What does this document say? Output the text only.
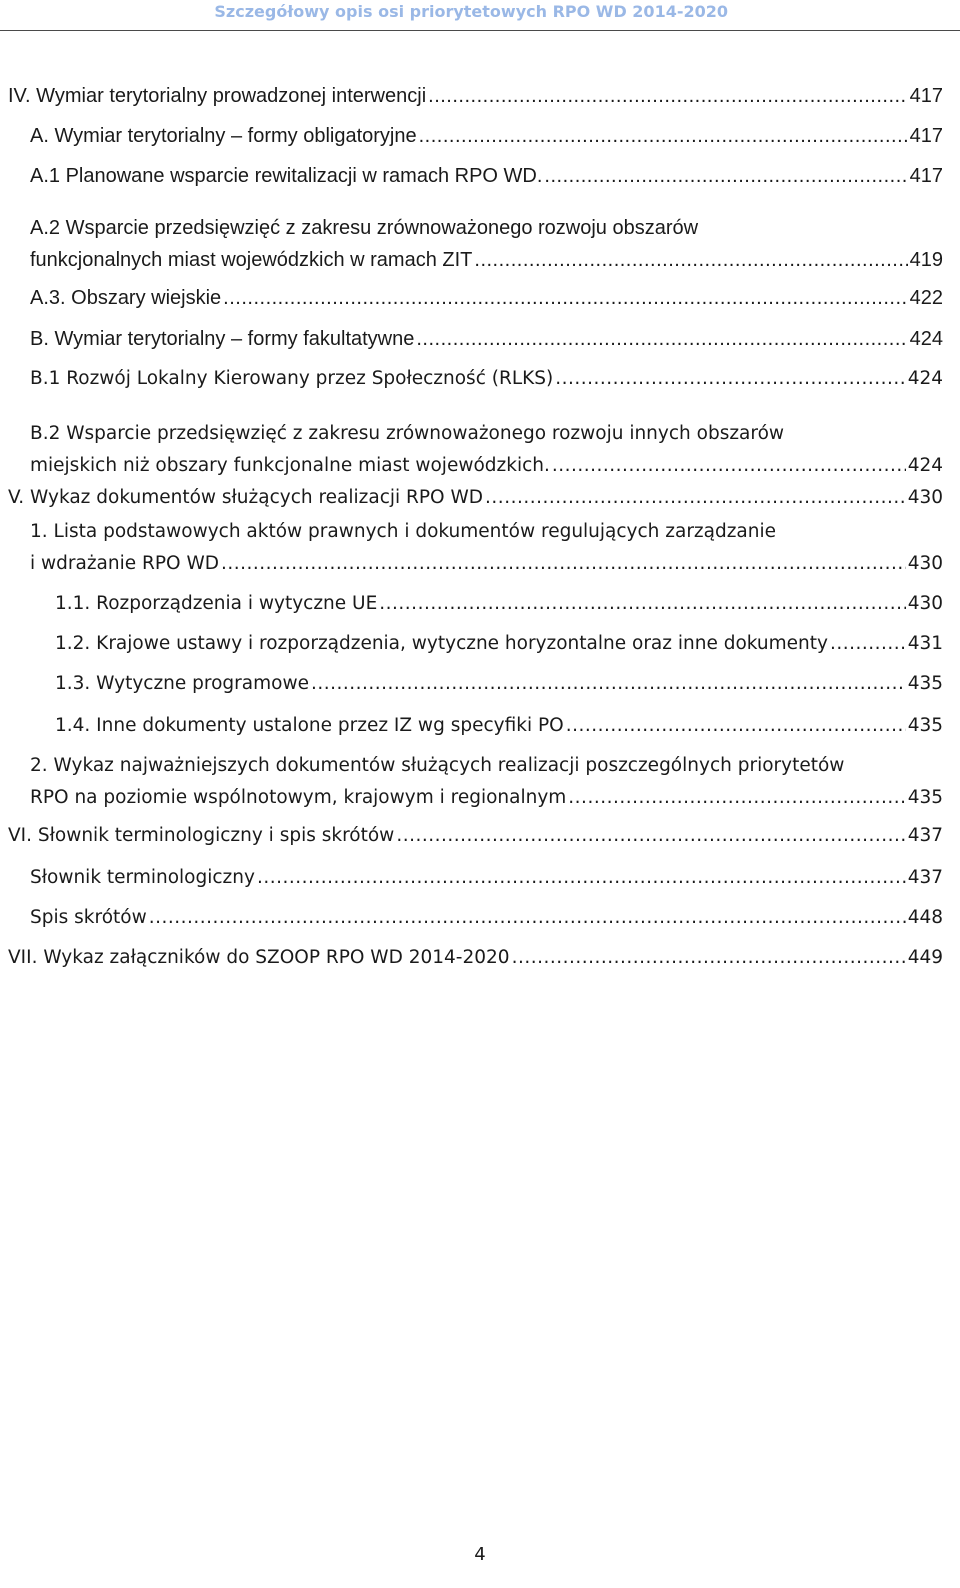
Szczegółowy opis osi priorytetowych RPO WD 2014-2020
IV. Wymiar terytorialny prowadzonej interwencji .....	417
A. Wymiar terytorialny – formy obligatoryjne .....	417
A.1 Planowane wsparcie rewitalizacji w ramach RPO WD. .....	417
A.2 Wsparcie przedsięwzięć z zakresu zrównoważonego rozwoju obszarów
funkcjonalnych miast wojewódzkich w ramach ZIT .....	419
A.3. Obszary wiejskie .....	422
B. Wymiar terytorialny – formy fakultatywne .....	424
B.1 Rozwój Lokalny Kierowany przez Społeczność (RLKS) .....	424
B.2 Wsparcie przedsięwzięć z zakresu zrównoważonego rozwoju innych obszarów
miejskich niż obszary funkcjonalne miast wojewódzkich. .....	424
V. Wykaz dokumentów służących realizacji RPO WD .....	430
1. Lista podstawowych aktów prawnych i dokumentów regulujących zarządzanie
i wdrażanie RPO WD .....	430
1.1. Rozporządzenia i wytyczne UE .....	430
1.2. Krajowe ustawy i rozporządzenia, wytyczne horyzontalne oraz inne dokumenty .....	431
1.3. Wytyczne programowe .....	435
1.4. Inne dokumenty ustalone przez IZ wg specyfiki PO .....	435
2. Wykaz najważniejszych dokumentów służących realizacji poszczególnych priorytetów
RPO na poziomie wspólnotowym, krajowym i regionalnym .....	435
VI. Słownik terminologiczny i spis skrótów .....	437
Słownik terminologiczny .....	437
Spis skrótów .....	448
VII. Wykaz załączników do SZOOP RPO WD 2014-2020 .....	449
4
